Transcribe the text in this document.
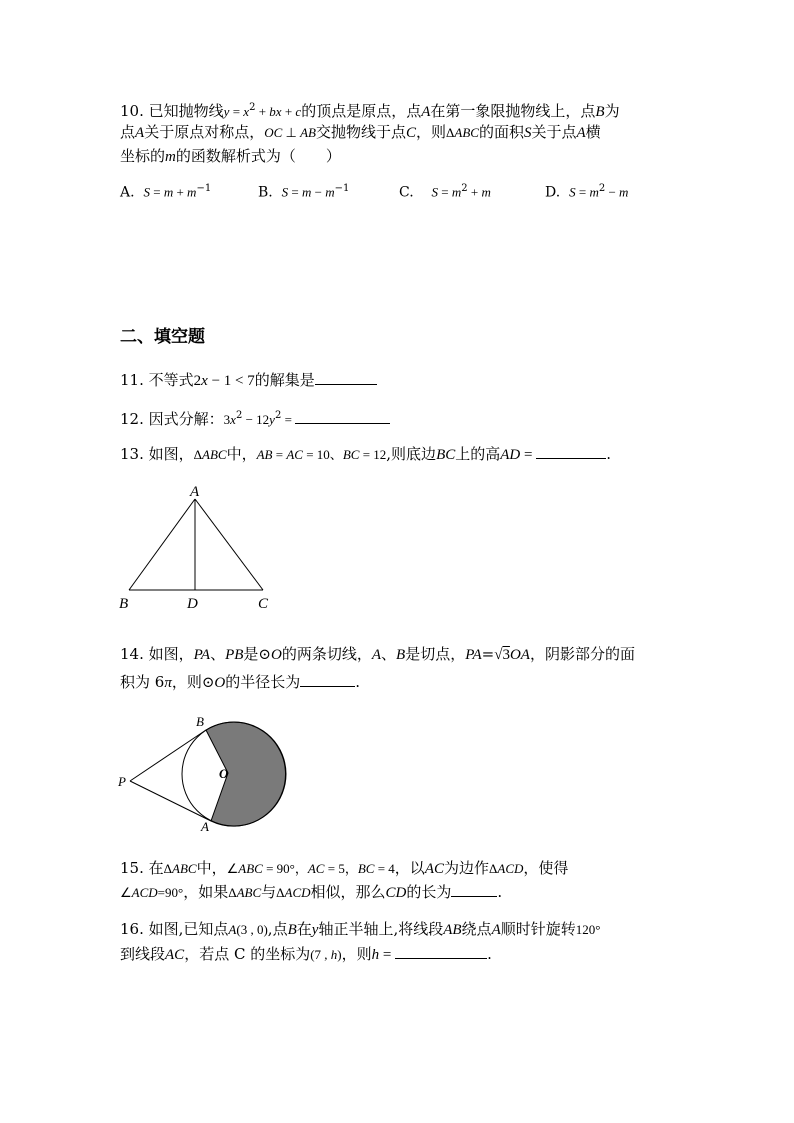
10. 已知抛物线$y = x^2$ + bx + c的顶点是原点，点A在第一象限抛物线上，点B为
点A关于原点对称点，OC ⊥ AB交抛物线于点C，则ΔABC的面积S关于点A横
坐标的m的函数解析式为（　　）
A. $S = m + m^{-1}$	B. $S = m - m^{-1}$	C. $S = m^2 + m$	D. $S = m^2 - m$
二、填空题
11. 不等式2x − 1 < 7的解集是
12. 因式分解：$3x^2 - 12y^2$ =
13. 如图，ΔABC中，AB = AC = 10、BC = 12,则底边BC上的高AD =	.
A
B	D	C
14. 如图，PA、PB是⊙O的两条切线，A、B是切点，PA=√3OA，阴影部分的面
积为 6π，则⊙O的半径长为	.
P
B
A
O
15. 在ΔABC中，∠ABC = 90°，AC = 5，BC = 4，以AC为边作ΔACD，使得
∠ACD=90°，如果ΔABC与ΔACD相似，那么CD的长为	.
16. 如图,已知点A(3 , 0),点B在y轴正半轴上,将线段AB绕点A顺时针旋转120°
到线段AC，若点 C 的坐标为(7 , h)，则h =	.
